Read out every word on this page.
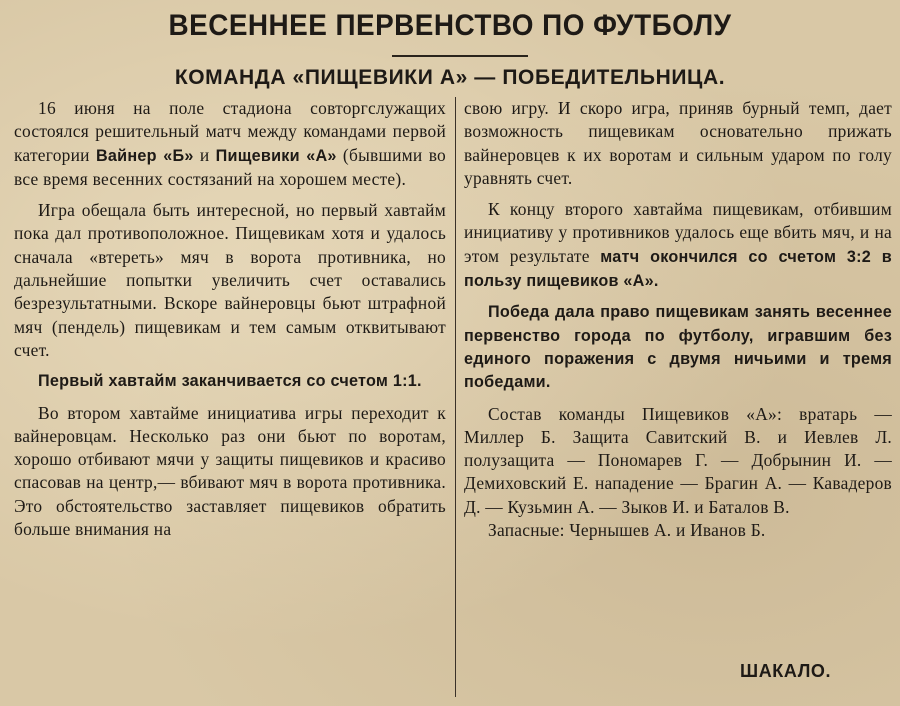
ВЕСЕННЕЕ ПЕРВЕНСТВО ПО ФУТБОЛУ
КОМАНДА «ПИЩЕВИКИ А» — ПОБЕДИТЕЛЬНИЦА.

16 июня на поле стадиона совторгслужащих состоялся решительный матч между командами первой категории Вайнер «Б» и Пищевики «А» (бывшими во все время весенних состязаний на хорошем месте).

Игра обещала быть интересной, но первый хавтайм пока дал противоположное. Пищевикам хотя и удалось сначала «втереть» мяч в ворота противника, но дальнейшие попытки увеличить счет оставались безрезультатными. Вскоре вайнеровцы бьют штрафной мяч (пендель) пищевикам и тем самым отквитывают счет.

Первый хавтайм заканчивается со счетом 1:1.

Во втором хавтайме инициатива игры переходит к вайнеровцам. Несколько раз они бьют по воротам, хорошо отбивают мячи у защиты пищевиков и красиво спасовав на центр,— вбивают мяч в ворота противника. Это обстоятельство заставляет пищевиков обратить больше внимания на

свою игру. И скоро игра, приняв бурный темп, дает возможность пищевикам основательно прижать вайнеровцев к их воротам и сильным ударом по голу уравнять счет.

К концу второго хавтайма пищевикам, отбившим инициативу у противников удалось еще вбить мяч, и на этом результате матч окончился со счетом 3:2 в пользу пищевиков «А».

Победа дала право пищевикам занять весеннее первенство города по футболу, игравшим без единого поражения с двумя ничьими и тремя победами.

Состав команды Пищевиков «А»: вратарь — Миллер Б. Защита Савитский В. и Иевлев Л. полузащита — Пономарев Г. — Добрынин И. — Демиховский Е. нападение — Брагин А. — Кавадеров Д. — Кузьмин А. — Зыков И. и Баталов В.

Запасные: Чернышев А. и Иванов Б.

ШАКАЛО.
